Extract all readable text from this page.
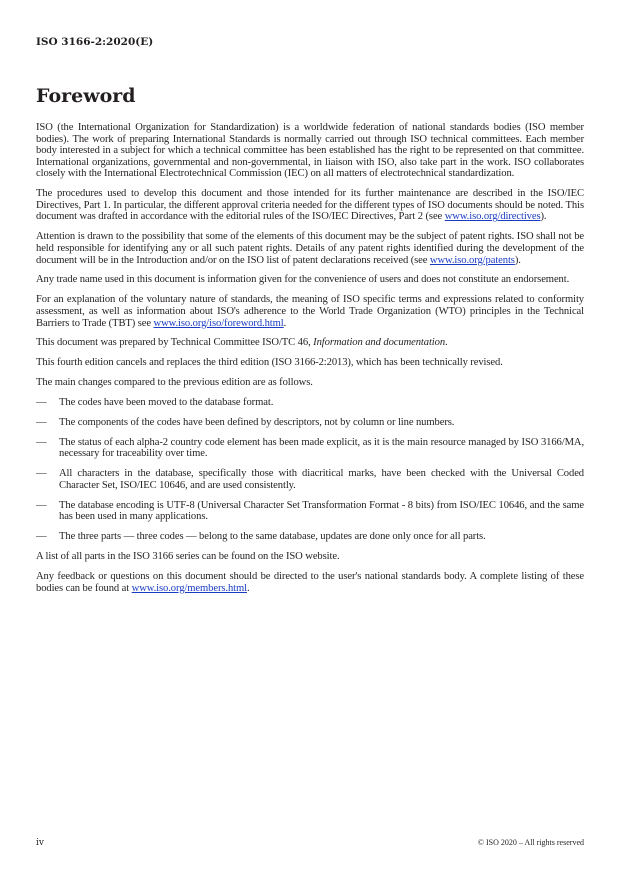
ISO 3166-2:2020(E)
Foreword

ISO (the International Organization for Standardization) is a worldwide federation of national standards bodies (ISO member bodies). The work of preparing International Standards is normally carried out through ISO technical committees. Each member body interested in a subject for which a technical committee has been established has the right to be represented on that committee. International organizations, governmental and non-governmental, in liaison with ISO, also take part in the work. ISO collaborates closely with the International Electrotechnical Commission (IEC) on all matters of electrotechnical standardization.

The procedures used to develop this document and those intended for its further maintenance are described in the ISO/IEC Directives, Part 1. In particular, the different approval criteria needed for the different types of ISO documents should be noted. This document was drafted in accordance with the editorial rules of the ISO/IEC Directives, Part 2 (see www.iso.org/directives).

Attention is drawn to the possibility that some of the elements of this document may be the subject of patent rights. ISO shall not be held responsible for identifying any or all such patent rights. Details of any patent rights identified during the development of the document will be in the Introduction and/or on the ISO list of patent declarations received (see www.iso.org/patents).

Any trade name used in this document is information given for the convenience of users and does not constitute an endorsement.

For an explanation of the voluntary nature of standards, the meaning of ISO specific terms and expressions related to conformity assessment, as well as information about ISO's adherence to the World Trade Organization (WTO) principles in the Technical Barriers to Trade (TBT) see www.iso.org/iso/foreword.html.

This document was prepared by Technical Committee ISO/TC 46, Information and documentation.

This fourth edition cancels and replaces the third edition (ISO 3166-2:2013), which has been technically revised.

The main changes compared to the previous edition are as follows.

—	The codes have been moved to the database format.
—	The components of the codes have been defined by descriptors, not by column or line numbers.
—	The status of each alpha-2 country code element has been made explicit, as it is the main resource managed by ISO 3166/MA, necessary for traceability over time.
—	All characters in the database, specifically those with diacritical marks, have been checked with the Universal Coded Character Set, ISO/IEC 10646, and are used consistently.
—	The database encoding is UTF-8 (Universal Character Set Transformation Format - 8 bits) from ISO/IEC 10646, and the same has been used in many applications.
—	The three parts — three codes — belong to the same database, updates are done only once for all parts.

A list of all parts in the ISO 3166 series can be found on the ISO website.

Any feedback or questions on this document should be directed to the user's national standards body. A complete listing of these bodies can be found at www.iso.org/members.html.

iv	© ISO 2020 – All rights reserved
